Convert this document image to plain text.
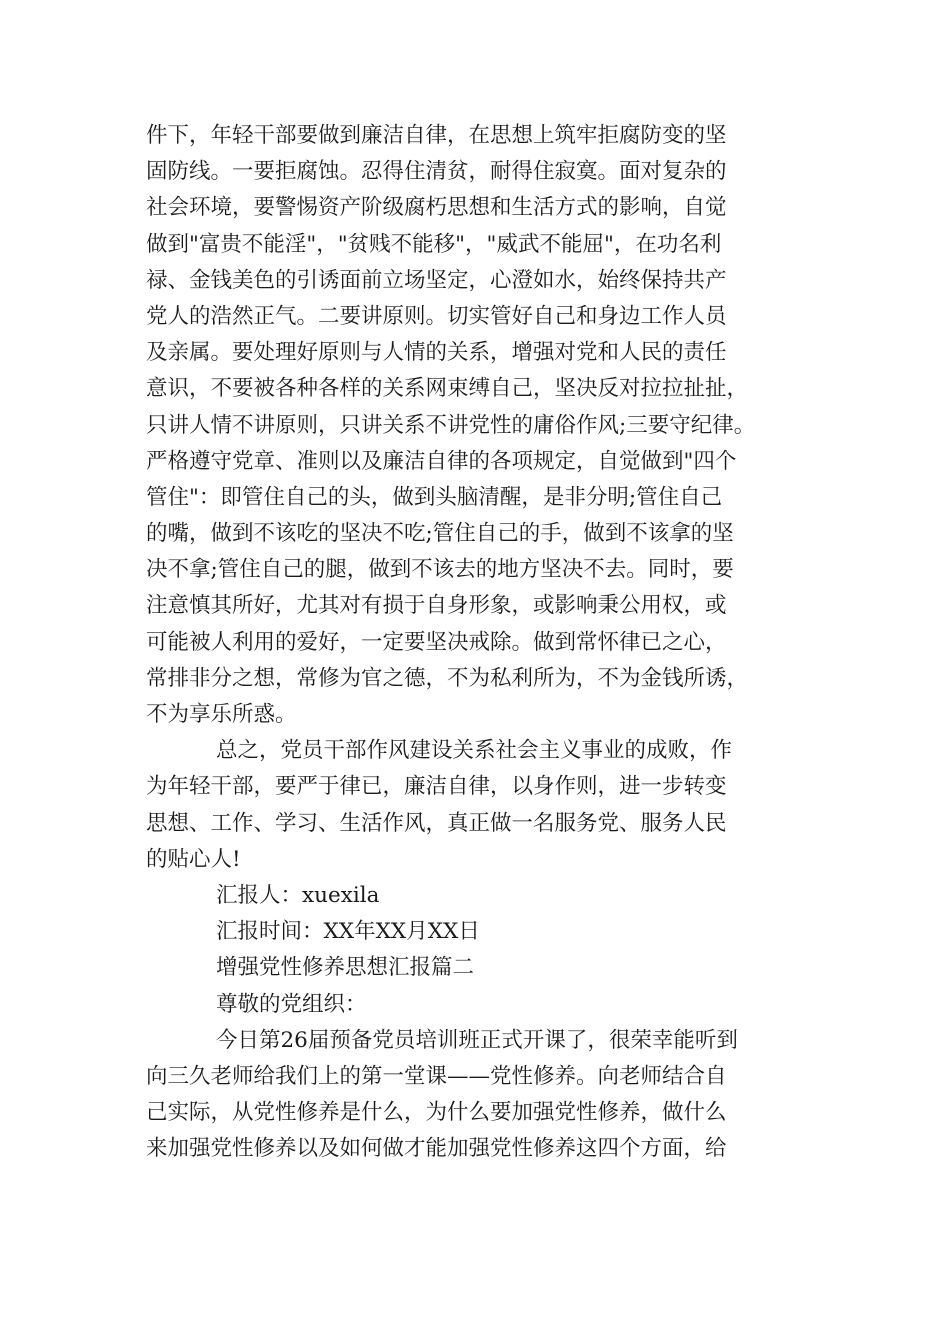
件下，年轻干部要做到廉洁自律，在思想上筑牢拒腐防变的坚
固防线。一要拒腐蚀。忍得住清贫，耐得住寂寞。面对复杂的
社会环境，要警惕资产阶级腐朽思想和生活方式的影响，自觉
做到"富贵不能淫"，"贫贱不能移"，"威武不能屈"，在功名利
禄、金钱美色的引诱面前立场坚定，心澄如水，始终保持共产
党人的浩然正气。二要讲原则。切实管好自己和身边工作人员
及亲属。要处理好原则与人情的关系，增强对党和人民的责任
意识，不要被各种各样的关系网束缚自己，坚决反对拉拉扯扯，
只讲人情不讲原则，只讲关系不讲党性的庸俗作风;三要守纪律。
严格遵守党章、准则以及廉洁自律的各项规定，自觉做到"四个
管住"：即管住自己的头，做到头脑清醒，是非分明;管住自己
的嘴，做到不该吃的坚决不吃;管住自己的手，做到不该拿的坚
决不拿;管住自己的腿，做到不该去的地方坚决不去。同时，要
注意慎其所好，尤其对有损于自身形象，或影响秉公用权，或
可能被人利用的爱好，一定要坚决戒除。做到常怀律已之心，
常排非分之想，常修为官之德，不为私利所为，不为金钱所诱，
不为享乐所惑。
总之，党员干部作风建设关系社会主义事业的成败，作
为年轻干部，要严于律已，廉洁自律，以身作则，进一步转变
思想、工作、学习、生活作风，真正做一名服务党、服务人民
的贴心人!
汇报人：xuexila
汇报时间：XX年XX月XX日
增强党性修养思想汇报篇二
尊敬的党组织：
今日第26届预备党员培训班正式开课了，很荣幸能听到
向三久老师给我们上的第一堂课——党性修养。向老师结合自
己实际，从党性修养是什么，为什么要加强党性修养，做什么
来加强党性修养以及如何做才能加强党性修养这四个方面，给
